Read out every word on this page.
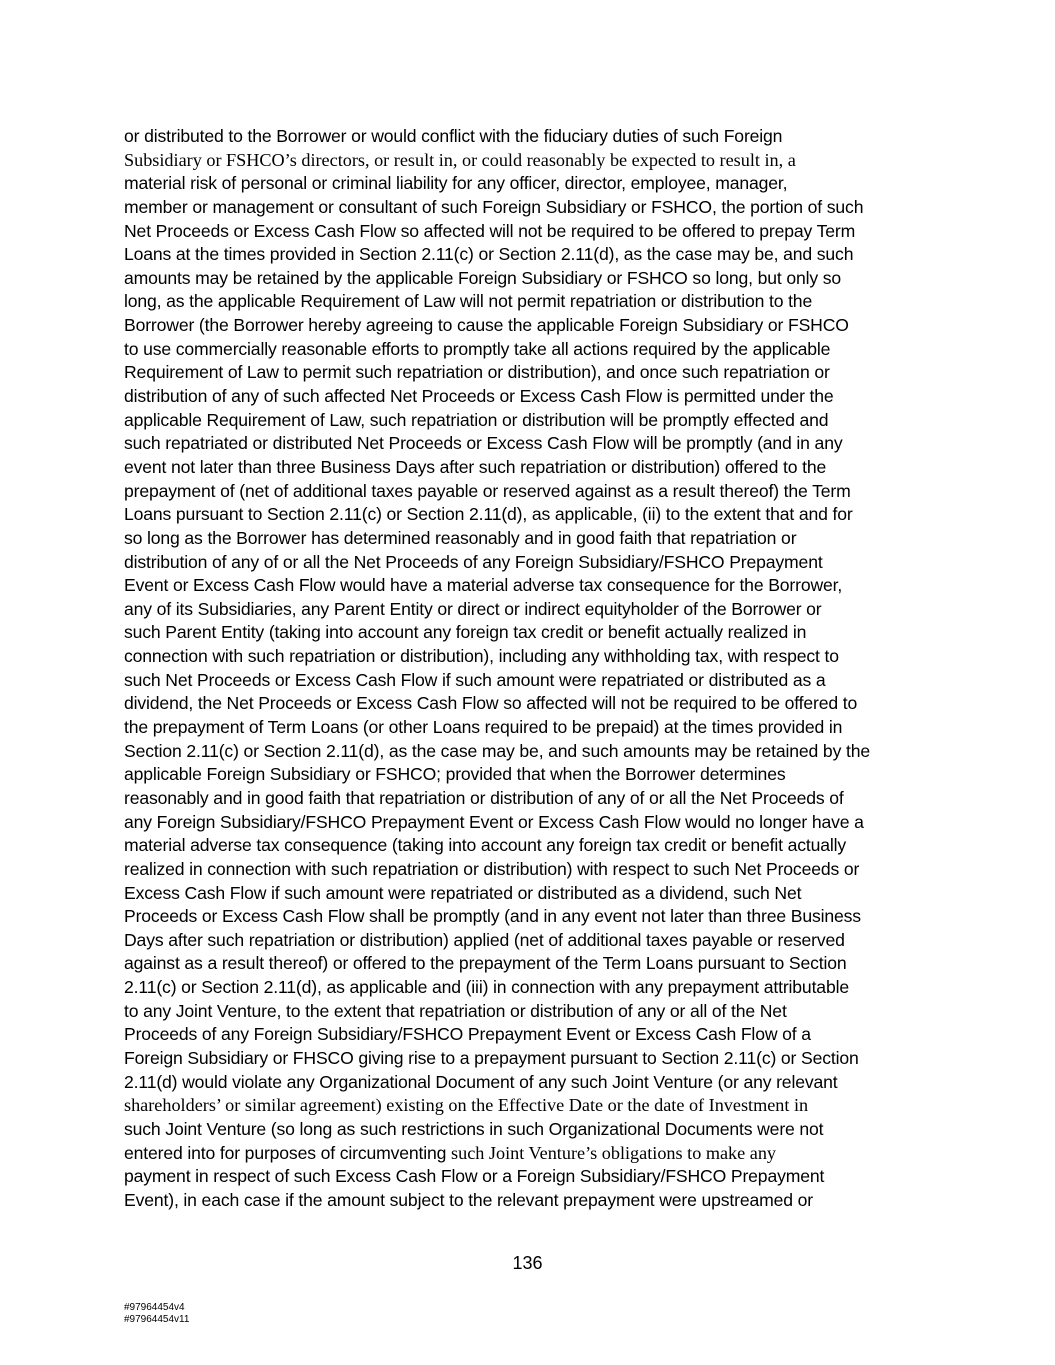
or distributed to the Borrower or would conflict with the fiduciary duties of such Foreign
Subsidiary or FSHCO’s directors, or result in, or could reasonably be expected to result in, a
material risk of personal or criminal liability for any officer, director, employee, manager,
member or management or consultant of such Foreign Subsidiary or FSHCO, the portion of such
Net Proceeds or Excess Cash Flow so affected will not be required to be offered to prepay Term
Loans at the times provided in Section 2.11(c) or Section 2.11(d), as the case may be, and such
amounts may be retained by the applicable Foreign Subsidiary or FSHCO so long, but only so
long, as the applicable Requirement of Law will not permit repatriation or distribution to the
Borrower (the Borrower hereby agreeing to cause the applicable Foreign Subsidiary or FSHCO
to use commercially reasonable efforts to promptly take all actions required by the applicable
Requirement of Law to permit such repatriation or distribution), and once such repatriation or
distribution of any of such affected Net Proceeds or Excess Cash Flow is permitted under the
applicable Requirement of Law, such repatriation or distribution will be promptly effected and
such repatriated or distributed Net Proceeds or Excess Cash Flow will be promptly (and in any
event not later than three Business Days after such repatriation or distribution) offered to the
prepayment of (net of additional taxes payable or reserved against as a result thereof) the Term
Loans pursuant to Section 2.11(c) or Section 2.11(d), as applicable, (ii) to the extent that and for
so long as the Borrower has determined reasonably and in good faith that repatriation or
distribution of any of or all the Net Proceeds of any Foreign Subsidiary/FSHCO Prepayment
Event or Excess Cash Flow would have a material adverse tax consequence for the Borrower,
any of its Subsidiaries, any Parent Entity or direct or indirect equityholder of the Borrower or
such Parent Entity (taking into account any foreign tax credit or benefit actually realized in
connection with such repatriation or distribution), including any withholding tax, with respect to
such Net Proceeds or Excess Cash Flow if such amount were repatriated or distributed as a
dividend, the Net Proceeds or Excess Cash Flow so affected will not be required to be offered to
the prepayment of Term Loans (or other Loans required to be prepaid) at the times provided in
Section 2.11(c) or Section 2.11(d), as the case may be, and such amounts may be retained by the
applicable Foreign Subsidiary or FSHCO; provided that when the Borrower determines
reasonably and in good faith that repatriation or distribution of any of or all the Net Proceeds of
any Foreign Subsidiary/FSHCO Prepayment Event or Excess Cash Flow would no longer have a
material adverse tax consequence (taking into account any foreign tax credit or benefit actually
realized in connection with such repatriation or distribution) with respect to such Net Proceeds or
Excess Cash Flow if such amount were repatriated or distributed as a dividend, such Net
Proceeds or Excess Cash Flow shall be promptly (and in any event not later than three Business
Days after such repatriation or distribution) applied (net of additional taxes payable or reserved
against as a result thereof) or offered to the prepayment of the Term Loans pursuant to Section
2.11(c) or Section 2.11(d), as applicable and (iii) in connection with any prepayment attributable
to any Joint Venture, to the extent that repatriation or distribution of any or all of the Net
Proceeds of any Foreign Subsidiary/FSHCO Prepayment Event or Excess Cash Flow of a
Foreign Subsidiary or FHSCO giving rise to a prepayment pursuant to Section 2.11(c) or Section
2.11(d) would violate any Organizational Document of any such Joint Venture (or any relevant
shareholders’ or similar agreement) existing on the Effective Date or the date of Investment in
such Joint Venture (so long as such restrictions in such Organizational Documents were not
entered into for purposes of circumventing such Joint Venture’s obligations to make any
payment in respect of such Excess Cash Flow or a Foreign Subsidiary/FSHCO Prepayment
Event), in each case if the amount subject to the relevant prepayment were upstreamed or
136
#97964454v4
#97964454v11
